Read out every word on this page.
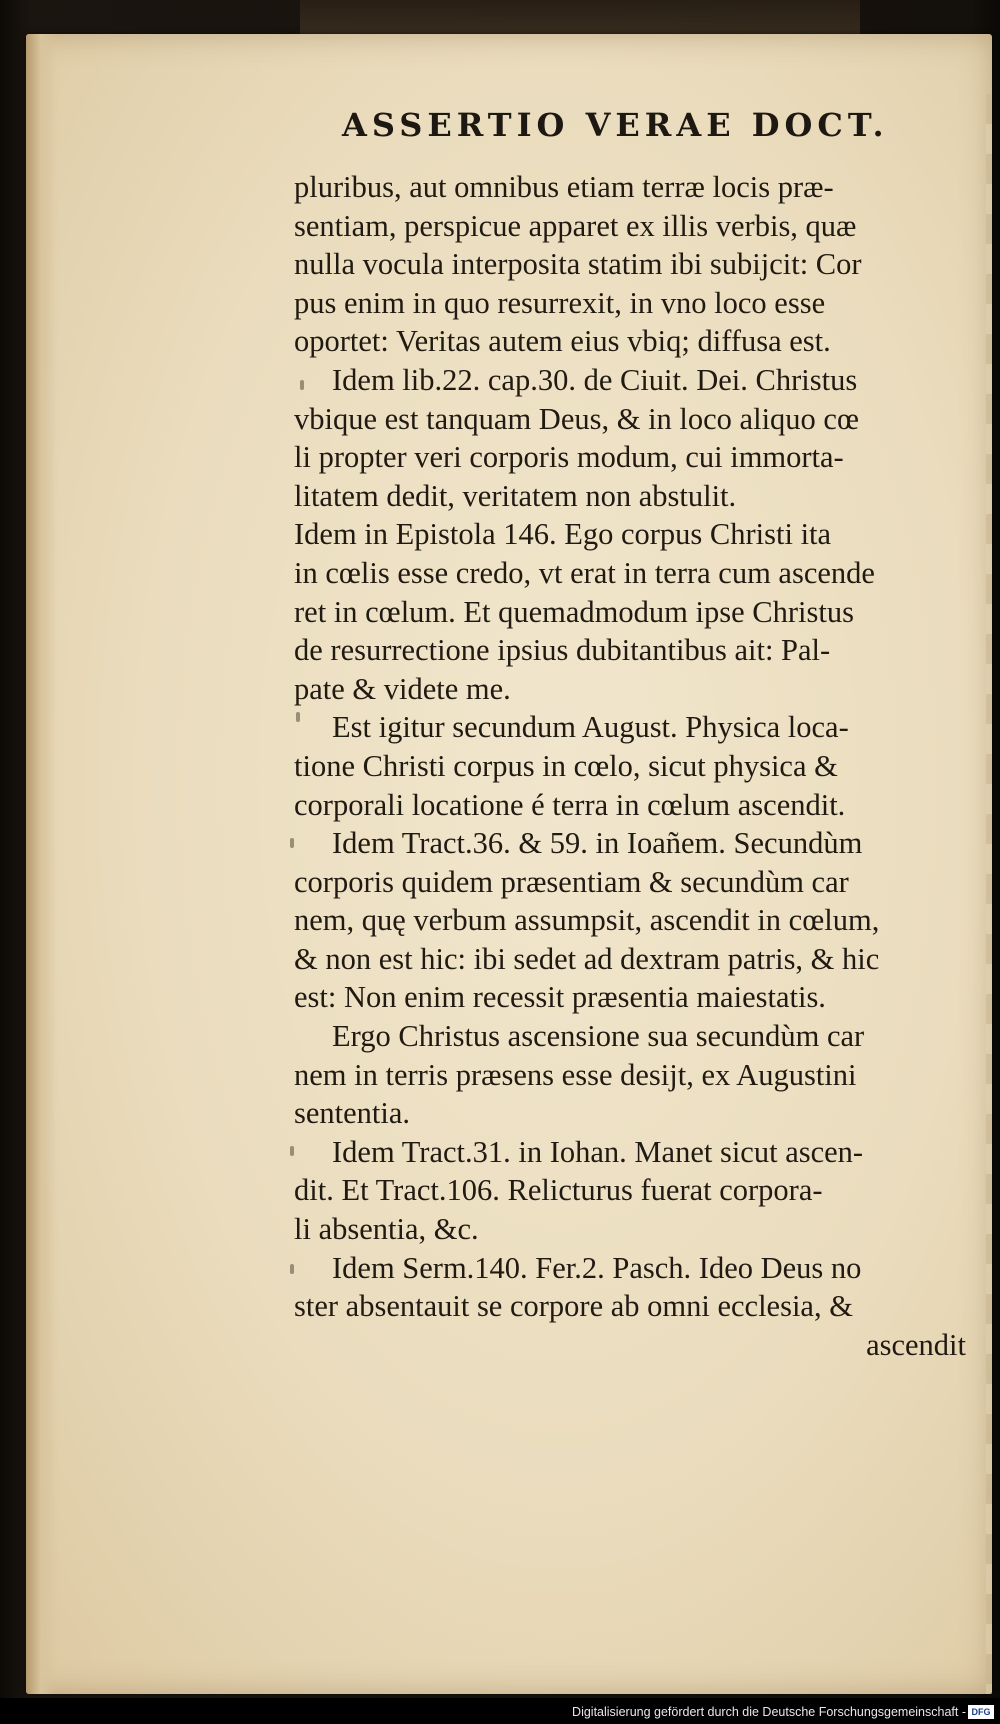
ASSERTIO VERAE DOCT.
pluribus, aut omnibus etiam terræ locis præ-
sentiam, perspicue apparet ex illis verbis, quæ
nulla vocula interposita statim ibi subijcit: Cor
pus enim in quo resurrexit, in vno loco esse
oportet: Veritas autem eius vbiq; diffusa est.
Idem lib.22. cap.30. de Ciuit. Dei. Christus
vbique est tanquam Deus, & in loco aliquo cœ
li propter veri corporis modum, cui immorta-
litatem dedit, veritatem non abstulit.
Idem in Epistola 146. Ego corpus Christi ita
in cœlis esse credo, vt erat in terra cum ascende
ret in cœlum. Et quemadmodum ipse Christus
de resurrectione ipsius dubitantibus ait: Pal-
pate & videte me.
Est igitur secundum August. Physica loca-
tione Christi corpus in cœlo, sicut physica &
corporali locatione é terra in cœlum ascendit.
Idem Tract.36. & 59. in Ioañem. Secundùm
corporis quidem præsentiam & secundùm car
nem, quę verbum assumpsit, ascendit in cœlum,
& non est hic: ibi sedet ad dextram patris, & hic
est: Non enim recessit præsentia maiestatis.
Ergo Christus ascensione sua secundùm car
nem in terris præsens esse desijt, ex Augustini
sententia.
Idem Tract.31. in Iohan. Manet sicut ascen-
dit. Et Tract.106. Relicturus fuerat corpora-
li absentia, &c.
Idem Serm.140. Fer.2. Pasch. Ideo Deus no
ster absentauit se corpore ab omni ecclesia, &
ascendit
Digitalisierung gefördert durch die Deutsche Forschungsgemeinschaft - DFG
